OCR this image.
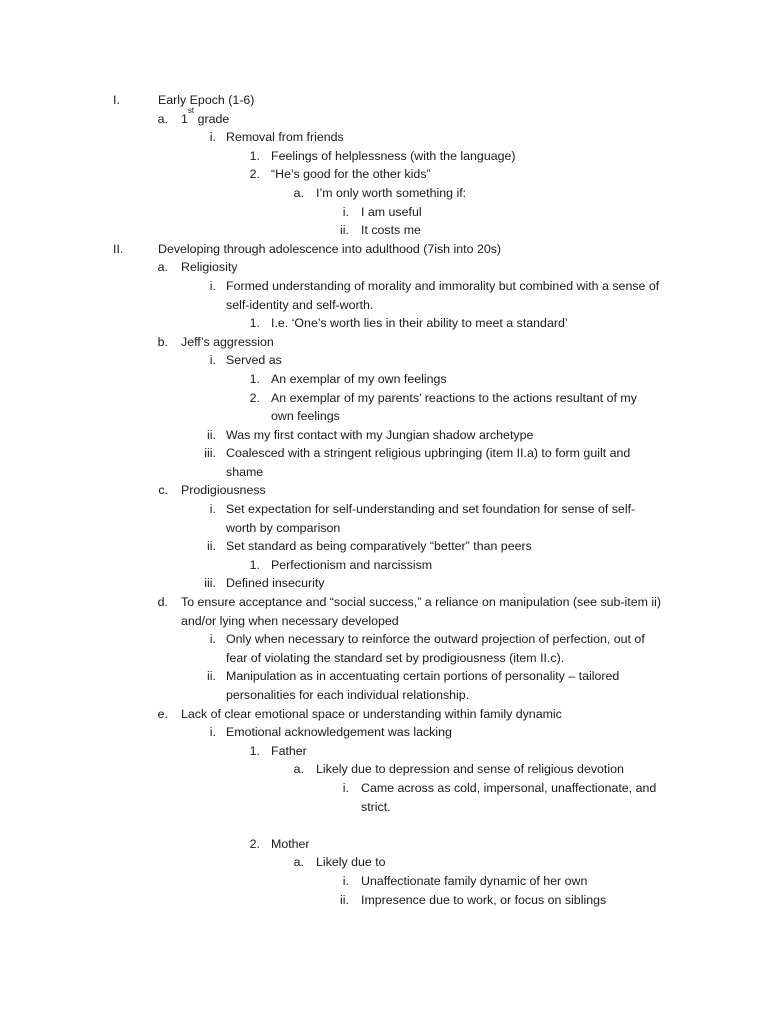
I.	Early Epoch (1-6)
a. 1st grade
i. Removal from friends
1. Feelings of helplessness (with the language)
2. “He’s good for the other kids”
a. I’m only worth something if:
i. I am useful
ii. It costs me
II.	Developing through adolescence into adulthood (7ish into 20s)
a. Religiosity
i. Formed understanding of morality and immorality but combined with a sense of
self-identity and self-worth.
1. I.e. ‘One’s worth lies in their ability to meet a standard’
b. Jeff’s aggression
i. Served as
1. An exemplar of my own feelings
2. An exemplar of my parents’ reactions to the actions resultant of my
own feelings
ii. Was my first contact with my Jungian shadow archetype
iii. Coalesced with a stringent religious upbringing (item II.a) to form guilt and
shame
c. Prodigiousness
i. Set expectation for self-understanding and set foundation for sense of self-
worth by comparison
ii. Set standard as being comparatively “better” than peers
1. Perfectionism and narcissism
iii. Defined insecurity
d. To ensure acceptance and “social success,” a reliance on manipulation (see sub-item ii)
and/or lying when necessary developed
i. Only when necessary to reinforce the outward projection of perfection, out of
fear of violating the standard set by prodigiousness (item II.c).
ii. Manipulation as in accentuating certain portions of personality – tailored
personalities for each individual relationship.
e. Lack of clear emotional space or understanding within family dynamic
i. Emotional acknowledgement was lacking
1. Father
a. Likely due to depression and sense of religious devotion
i. Came across as cold, impersonal, unaffectionate, and
strict.
2. Mother
a. Likely due to
i. Unaffectionate family dynamic of her own
ii. Impresence due to work, or focus on siblings
